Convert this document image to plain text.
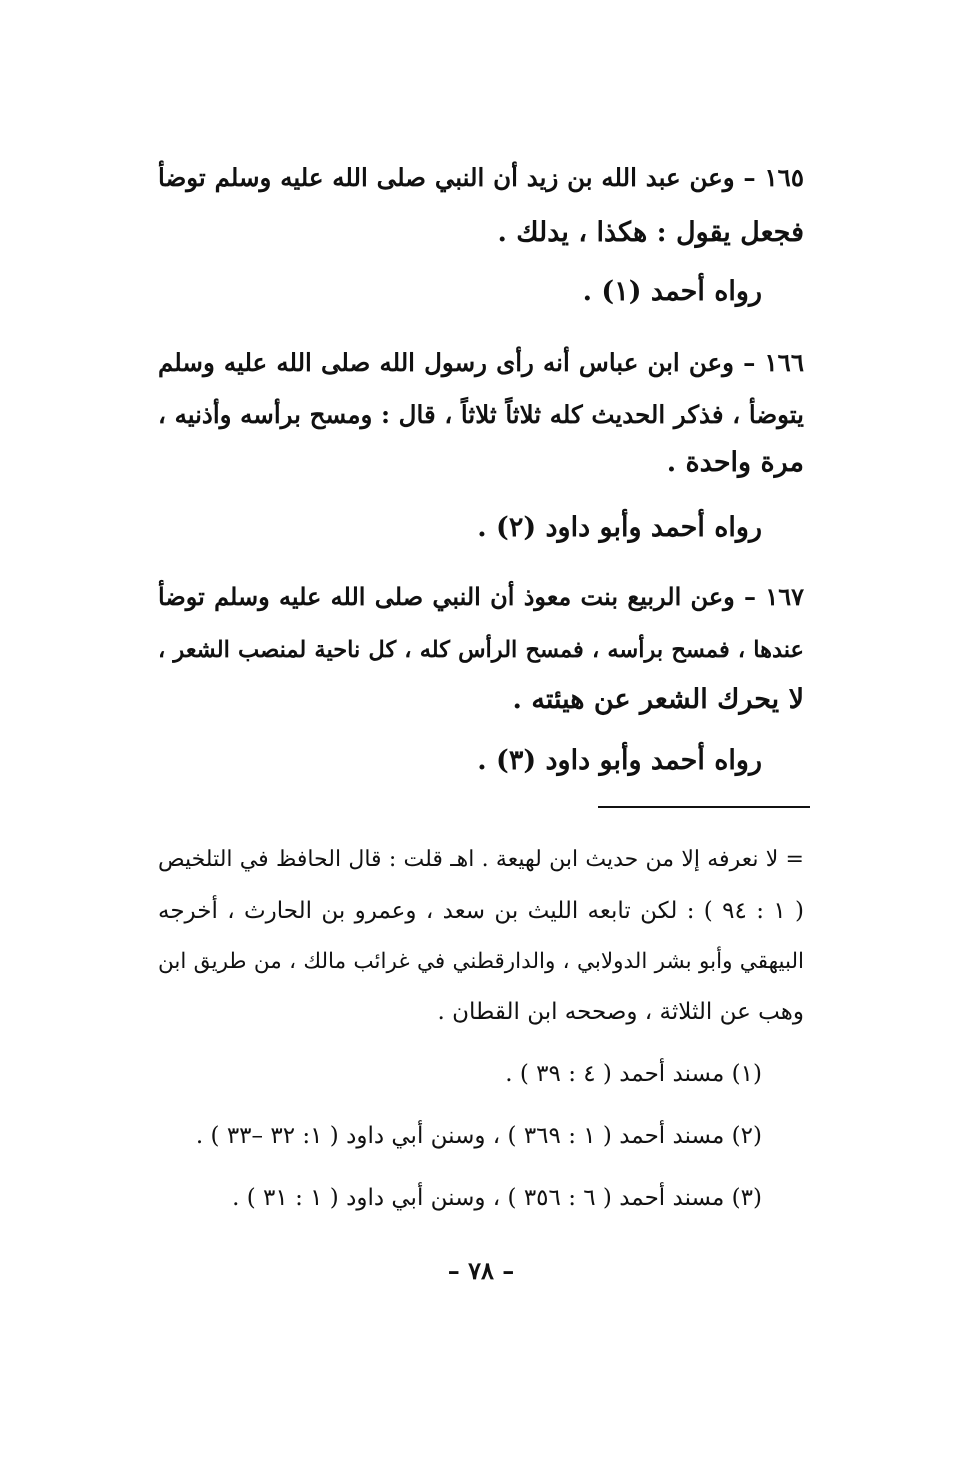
١٦٥ – وعن عبد الله بن زيد أن النبي صلى الله عليه وسلم توضأ
فجعل يقول : هكذا ، يدلك .
رواه أحمد (١) .
١٦٦ – وعن ابن عباس أنه رأى رسول الله صلى الله عليه وسلم
يتوضأ ، فذكر الحديث كله ثلاثاً ثلاثاً ، قال : ومسح برأسه وأذنيه ،
مرة واحدة .
رواه أحمد وأبو داود (٢) .
١٦٧ – وعن الربيع بنت معوذ أن النبي صلى الله عليه وسلم توضأ
عندها ، فمسح برأسه ، فمسح الرأس كله ، كل ناحية لمنصب الشعر ،
لا يحرك الشعر عن هيئته .
رواه أحمد وأبو داود (٣) .
= لا نعرفه إلا من حديث ابن لهيعة . اهـ قلت : قال الحافظ في التلخيص
( ١ : ٩٤ ) : لكن تابعه الليث بن سعد ، وعمرو بن الحارث ، أخرجه
البيهقي وأبو بشر الدولابي ، والدارقطني في غرائب مالك ، من طريق ابن
وهب عن الثلاثة ، وصححه ابن القطان .
(١) مسند أحمد ( ٤ : ٣٩ ) .
(٢) مسند أحمد ( ١ : ٣٦٩ ) ، وسنن أبي داود ( ١: ٣٢ –٣٣ ) .
(٣) مسند أحمد ( ٦ : ٣٥٦ ) ، وسنن أبي داود ( ١ : ٣١ ) .
– ٧٨ –
